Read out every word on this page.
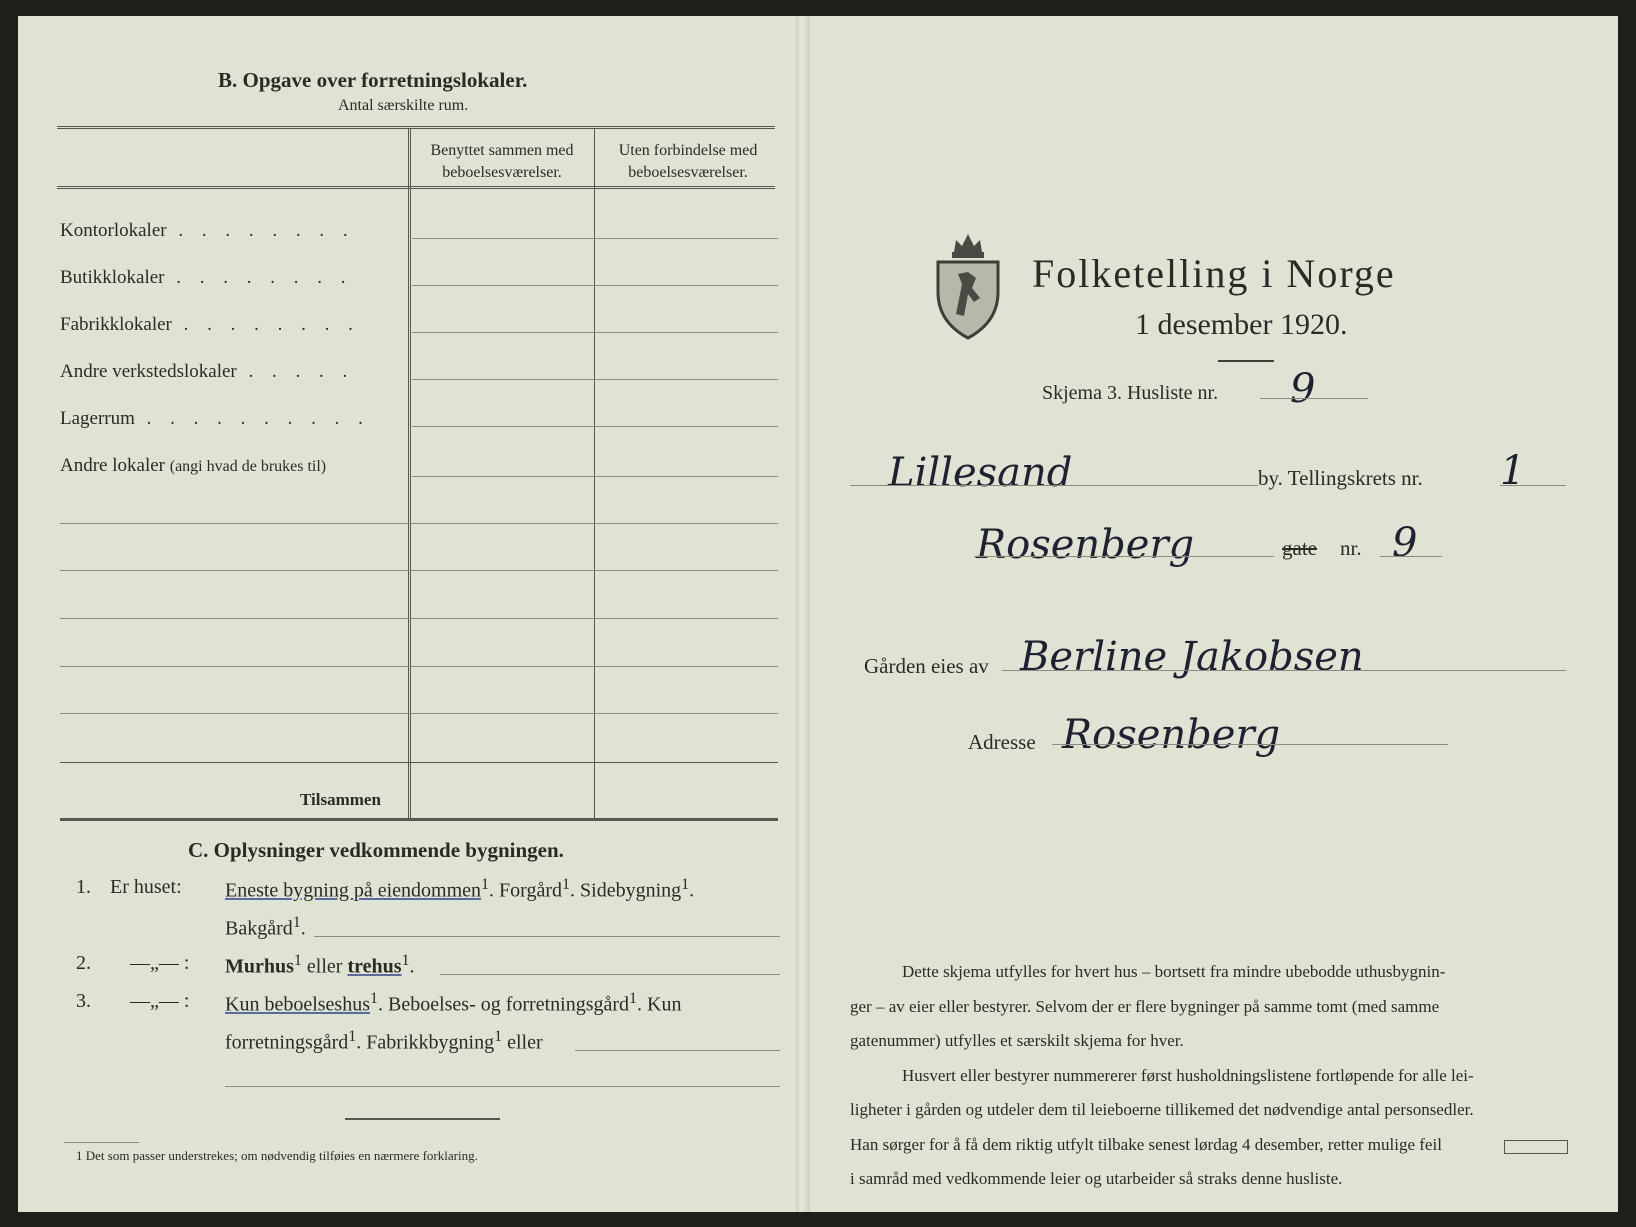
B. Opgave over forretningslokaler.
Antal særskilte rum.
Benyttet sammen med
beboelsesværelser.
Uten forbindelse med
beboelsesværelser.
Kontorlokaler . . . . . . . .
Butikklokaler . . . . . . . .
Fabrikklokaler . . . . . . . .
Andre verkstedslokaler . . . . .
Lagerrum . . . . . . . . . .
Andre lokaler (angi hvad de brukes til)
Tilsammen
C. Oplysninger vedkommende bygningen.
1. Er huset: Eneste bygning på eiendommen$^1$. Forgård$^1$. Sidebygning$^1$.
Bakgård$^1$.
2. —„— : Murhus$^1$ eller trehus$^1$.
3. —„— : Kun beboelseshus$^1$. Beboelses- og forretningsgård$^1$. Kun
forretningsgård$^1$. Fabrikkbygning$^1$ eller
1 Det som passer understrekes; om nødvendig tilføies en nærmere forklaring.
Folketelling i Norge
1 desember 1920.
Skjema 3. Husliste nr. 9
Lillesand	by. Tellingskrets nr. 1
Rosenberg	gate nr. 9
Gården eies av Berline Jakobsen
Adresse Rosenberg
Dette skjema utfylles for hvert hus – bortsett fra mindre ubebodde uthusbygnin-
ger – av eier eller bestyrer. Selvom der er flere bygninger på samme tomt (med samme
gatenummer) utfylles et særskilt skjema for hver.
Husvert eller bestyrer nummererer først husholdningslistene fortløpende for alle lei-
ligheter i gården og utdeler dem til leieboerne tillikemed det nødvendige antal personsedler.
Han sørger for å få dem riktig utfylt tilbake senest lørdag 4 desember, retter mulige feil
i samråd med vedkommende leier og utarbeider så straks denne husliste.
